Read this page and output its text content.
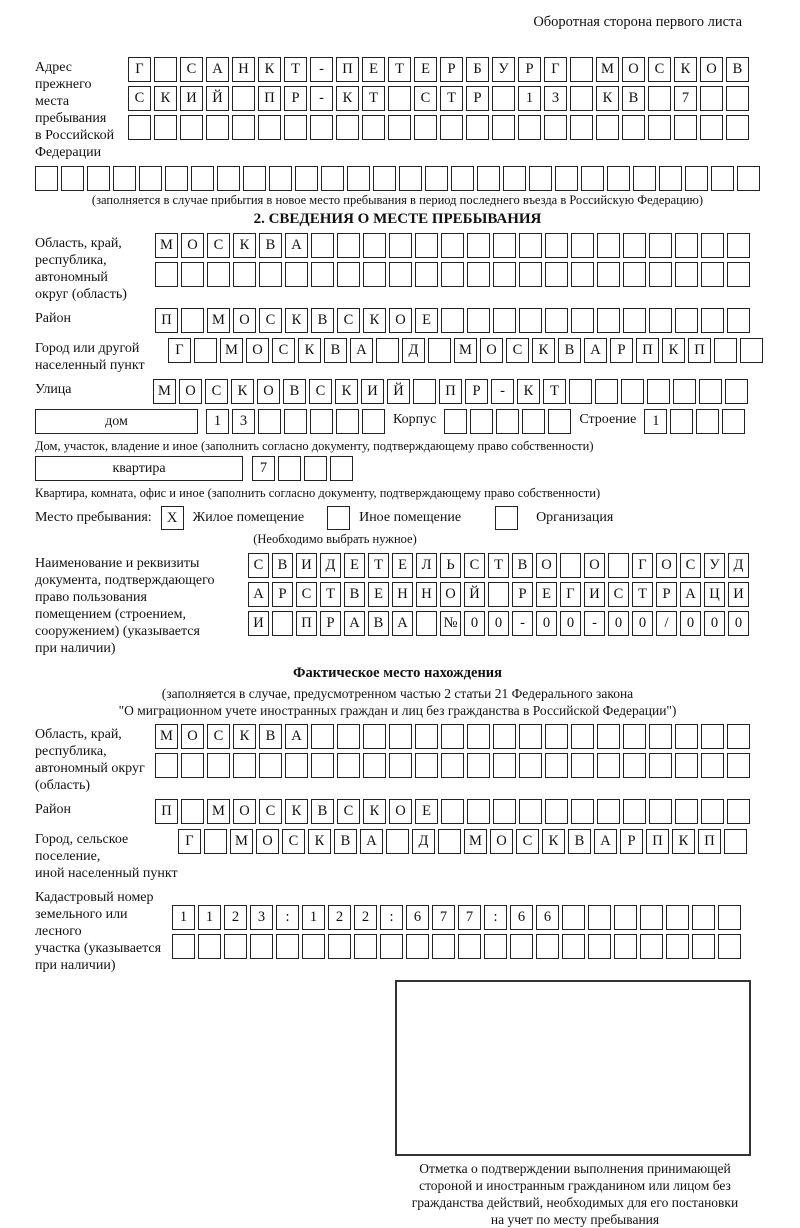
Оборотная сторона первого листа
Адрес прежнего
места пребывания
в Российской
Федерации
Г	С	А	Н	К	Т	-	П	Е	Т	Е	Р	Б	У	Р	Г	М О	С	К	О	В
С	К	И	Й	П	Р	-	К	Т	С	Т	Р	1	3	К	В	7
(заполняется в случае прибытия в новое место пребывания в период последнего въезда в Российскую Федерацию)
2. СВЕДЕНИЯ О МЕСТЕ ПРЕБЫВАНИЯ
Область, край,
республика,
автономный
округ (область)
М О	С	К	В	А
Район	П	М О	С	К	В	С	К	О	Е
Город или другой
населенный пункт
Г	М О	С	К	В	А	Д	М О	С	К	В	А	Р	П	К	П
Улица	М О	С	К	О	В	С	К	И	Й	П	Р	-	К	Т
дом	1	3	Корпус	Строение	1
Дом, участок, владение и иное (заполнить согласно документу, подтверждающему право собственности)
квартира	7
Квартира, комната, офис и иное (заполнить согласно документу, подтверждающему право собственности)
Место пребывания:	X	Жилое помещение	Иное помещение	Организация
(Необходимо выбрать нужное)
Наименование и реквизиты
документа, подтверждающего
право пользования
помещением (строением,
сооружением) (указывается
при наличии)
С В И Д	Е	Т	Е	Л	Ь	С	Т	В О	О	Г	О С У Д
А	Р	С	Т	В	Е Н Н О Й	Р	Е	Г	И С	Т	Р	А Ц И
И	П	Р	А В А	№ 0	0	-	0	0	-	0	0	/	0	0	0
Фактическое место нахождения
(заполняется в случае, предусмотренном частью 2 статьи 21 Федерального закона
"О миграционном учете иностранных граждан и лиц без гражданства в Российской Федерации")
Область, край,
республика,
автономный округ
(область)
М О	С	К	В	А
Район	П	М О	С	К	В	С	К	О	Е
Город, сельское поселение,
иной населенный пункт
Г	М О	С	К	В	А	Д	М О	С	К	В	А	Р	П	К	П
Кадастровый номер
земельного или лесного
участка (указывается
при наличии)
1	1	2	3	:	1	2	2	:	6	7	7	:	6	6
Отметка о подтверждении выполнения принимающей
стороной и иностранным гражданином или лицом без
гражданства действий, необходимых для его постановки
на учет по месту пребывания
